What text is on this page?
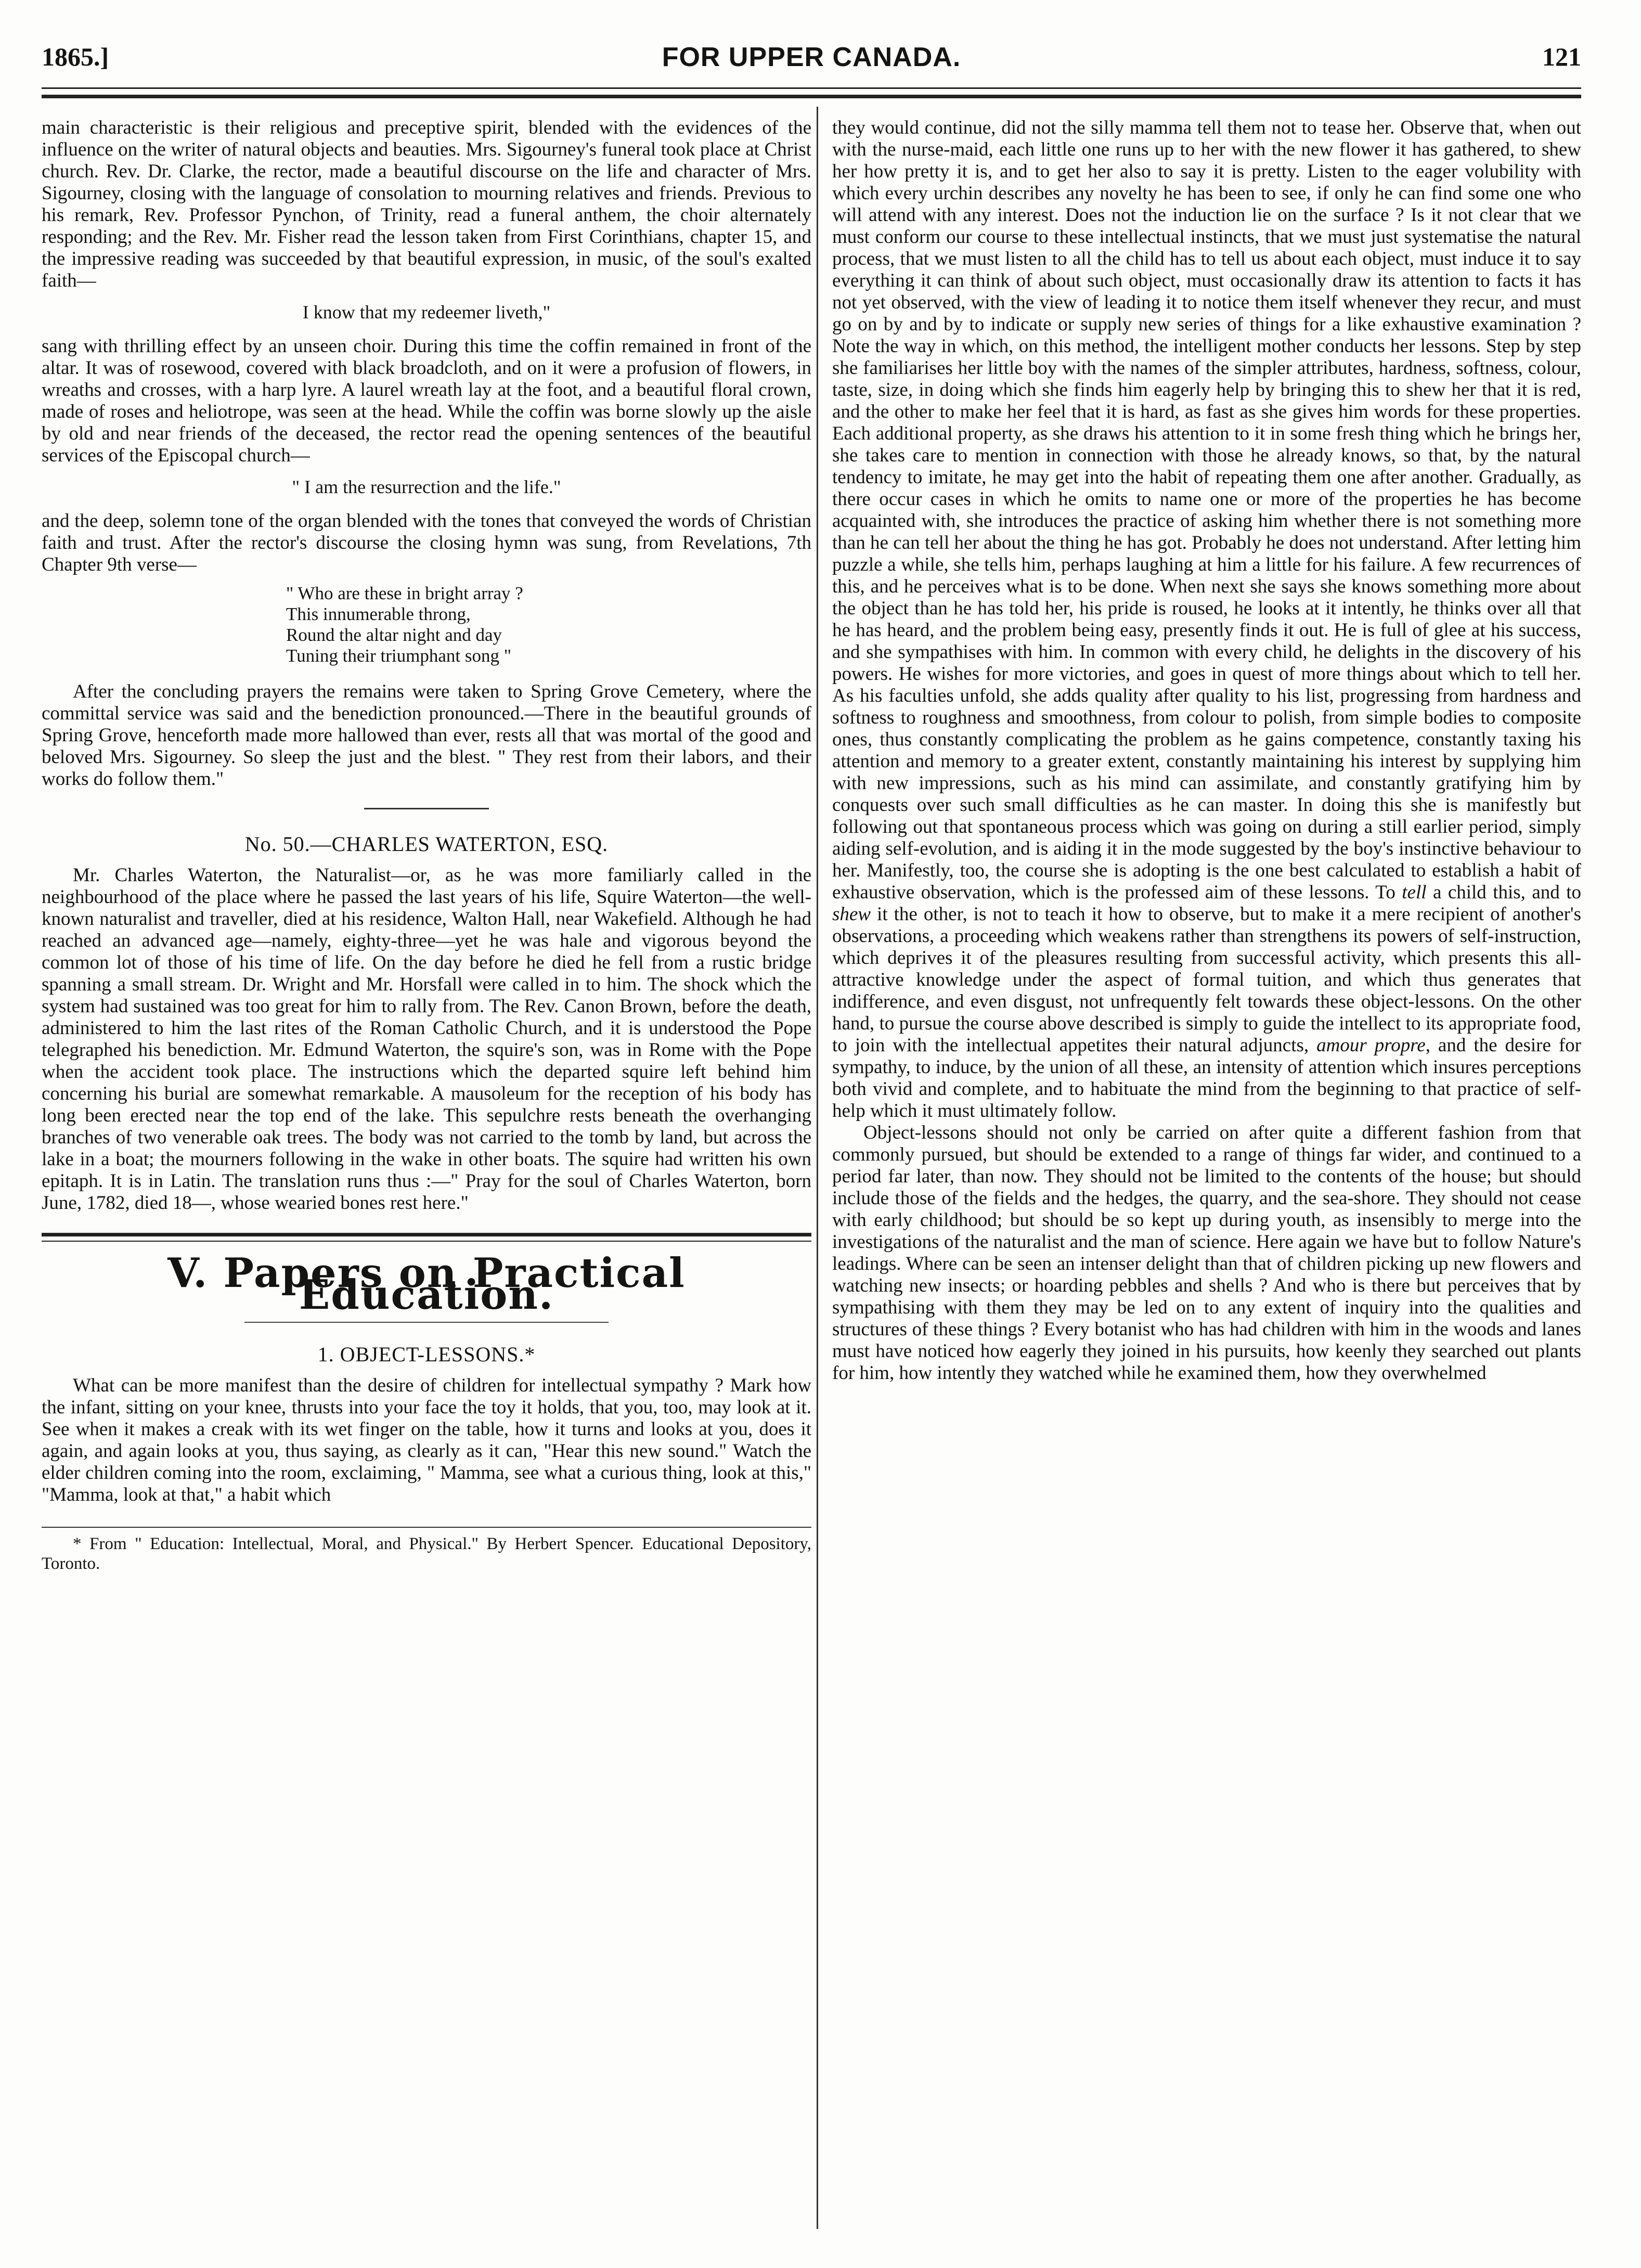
1865.]	FOR UPPER CANADA.	121

main characteristic is their religious and preceptive spirit, blended with the evidences of the influence on the writer of natural objects and beauties. Mrs. Sigourney's funeral took place at Christ church. Rev. Dr. Clarke, the rector, made a beautiful discourse on the life and character of Mrs. Sigourney, closing with the language of consolation to mourning relatives and friends. Previous to his remark, Rev. Professor Pynchon, of Trinity, read a funeral anthem, the choir alternately responding; and the Rev. Mr. Fisher read the lesson taken from First Corinthians, chapter 15, and the impressive reading was succeeded by that beautiful expression, in music, of the soul's exalted faith—

I know that my redeemer liveth,"

sang with thrilling effect by an unseen choir. During this time the coffin remained in front of the altar. It was of rosewood, covered with black broadcloth, and on it were a profusion of flowers, in wreaths and crosses, with a harp lyre. A laurel wreath lay at the foot, and a beautiful floral crown, made of roses and heliotrope, was seen at the head. While the coffin was borne slowly up the aisle by old and near friends of the deceased, the rector read the opening sentences of the beautiful services of the Episcopal church—

" I am the resurrection and the life."

and the deep, solemn tone of the organ blended with the tones that conveyed the words of Christian faith and trust. After the rector's discourse the closing hymn was sung, from Revelations, 7th Chapter 9th verse—

" Who are these in bright array ?
This innumerable throng,
Round the altar night and day
Tuning their triumphant song "

After the concluding prayers the remains were taken to Spring Grove Cemetery, where the committal service was said and the benediction pronounced.—There in the beautiful grounds of Spring Grove, henceforth made more hallowed than ever, rests all that was mortal of the good and beloved Mrs. Sigourney. So sleep the just and the blest. " They rest from their labors, and their works do follow them."

No. 50.—CHARLES WATERTON, ESQ.

Mr. Charles Waterton, the Naturalist—or, as he was more familiarly called in the neighbourhood of the place where he passed the last years of his life, Squire Waterton—the well-known naturalist and traveller, died at his residence, Walton Hall, near Wakefield. Although he had reached an advanced age—namely, eighty-three—yet he was hale and vigorous beyond the common lot of those of his time of life. On the day before he died he fell from a rustic bridge spanning a small stream. Dr. Wright and Mr. Horsfall were called in to him. The shock which the system had sustained was too great for him to rally from. The Rev. Canon Brown, before the death, administered to him the last rites of the Roman Catholic Church, and it is understood the Pope telegraphed his benediction. Mr. Edmund Waterton, the squire's son, was in Rome with the Pope when the accident took place. The instructions which the departed squire left behind him concerning his burial are somewhat remarkable. A mausoleum for the reception of his body has long been erected near the top end of the lake. This sepulchre rests beneath the overhanging branches of two venerable oak trees. The body was not carried to the tomb by land, but across the lake in a boat; the mourners following in the wake in other boats. The squire had written his own epitaph. It is in Latin. The translation runs thus :—" Pray for the soul of Charles Waterton, born June, 1782, died 18—, whose wearied bones rest here."

V. Papers on Practical Education.
1. OBJECT-LESSONS.*

What can be more manifest than the desire of children for intellectual sympathy ? Mark how the infant, sitting on your knee, thrusts into your face the toy it holds, that you, too, may look at it. See when it makes a creak with its wet finger on the table, how it turns and looks at you, does it again, and again looks at you, thus saying, as clearly as it can, "Hear this new sound." Watch the elder children coming into the room, exclaiming, " Mamma, see what a curious thing, look at this," "Mamma, look at that," a habit which

* From " Education: Intellectual, Moral, and Physical." By Herbert Spencer. Educational Depository, Toronto.

they would continue, did not the silly mamma tell them not to tease her. Observe that, when out with the nurse-maid, each little one runs up to her with the new flower it has gathered, to shew her how pretty it is, and to get her also to say it is pretty. Listen to the eager volubility with which every urchin describes any novelty he has been to see, if only he can find some one who will attend with any interest. Does not the induction lie on the surface ? Is it not clear that we must conform our course to these intellectual instincts, that we must just systematise the natural process, that we must listen to all the child has to tell us about each object, must induce it to say everything it can think of about such object, must occasionally draw its attention to facts it has not yet observed, with the view of leading it to notice them itself whenever they recur, and must go on by and by to indicate or supply new series of things for a like exhaustive examination ? Note the way in which, on this method, the intelligent mother conducts her lessons. Step by step she familiarises her little boy with the names of the simpler attributes, hardness, softness, colour, taste, size, in doing which she finds him eagerly help by bringing this to shew her that it is red, and the other to make her feel that it is hard, as fast as she gives him words for these properties. Each additional property, as she draws his attention to it in some fresh thing which he brings her, she takes care to mention in connection with those he already knows, so that, by the natural tendency to imitate, he may get into the habit of repeating them one after another. Gradually, as there occur cases in which he omits to name one or more of the properties he has become acquainted with, she introduces the practice of asking him whether there is not something more than he can tell her about the thing he has got. Probably he does not understand. After letting him puzzle a while, she tells him, perhaps laughing at him a little for his failure. A few recurrences of this, and he perceives what is to be done. When next she says she knows something more about the object than he has told her, his pride is roused, he looks at it intently, he thinks over all that he has heard, and the problem being easy, presently finds it out. He is full of glee at his success, and she sympathises with him. In common with every child, he delights in the discovery of his powers. He wishes for more victories, and goes in quest of more things about which to tell her. As his faculties unfold, she adds quality after quality to his list, progressing from hardness and softness to roughness and smoothness, from colour to polish, from simple bodies to composite ones, thus constantly complicating the problem as he gains competence, constantly taxing his attention and memory to a greater extent, constantly maintaining his interest by supplying him with new impressions, such as his mind can assimilate, and constantly gratifying him by conquests over such small difficulties as he can master. In doing this she is manifestly but following out that spontaneous process which was going on during a still earlier period, simply aiding self-evolution, and is aiding it in the mode suggested by the boy's instinctive behaviour to her. Manifestly, too, the course she is adopting is the one best calculated to establish a habit of exhaustive observation, which is the professed aim of these lessons. To tell a child this, and to shew it the other, is not to teach it how to observe, but to make it a mere recipient of another's observations, a proceeding which weakens rather than strengthens its powers of self-instruction, which deprives it of the pleasures resulting from successful activity, which presents this all-attractive knowledge under the aspect of formal tuition, and which thus generates that indifference, and even disgust, not unfrequently felt towards these object-lessons. On the other hand, to pursue the course above described is simply to guide the intellect to its appropriate food, to join with the intellectual appetites their natural adjuncts, amour propre, and the desire for sympathy, to induce, by the union of all these, an intensity of attention which insures perceptions both vivid and complete, and to habituate the mind from the beginning to that practice of self-help which it must ultimately follow.

Object-lessons should not only be carried on after quite a different fashion from that commonly pursued, but should be extended to a range of things far wider, and continued to a period far later, than now. They should not be limited to the contents of the house; but should include those of the fields and the hedges, the quarry, and the sea-shore. They should not cease with early childhood; but should be so kept up during youth, as insensibly to merge into the investigations of the naturalist and the man of science. Here again we have but to follow Nature's leadings. Where can be seen an intenser delight than that of children picking up new flowers and watching new insects; or hoarding pebbles and shells ? And who is there but perceives that by sympathising with them they may be led on to any extent of inquiry into the qualities and structures of these things ? Every botanist who has had children with him in the woods and lanes must have noticed how eagerly they joined in his pursuits, how keenly they searched out plants for him, how intently they watched while he examined them, how they overwhelmed
